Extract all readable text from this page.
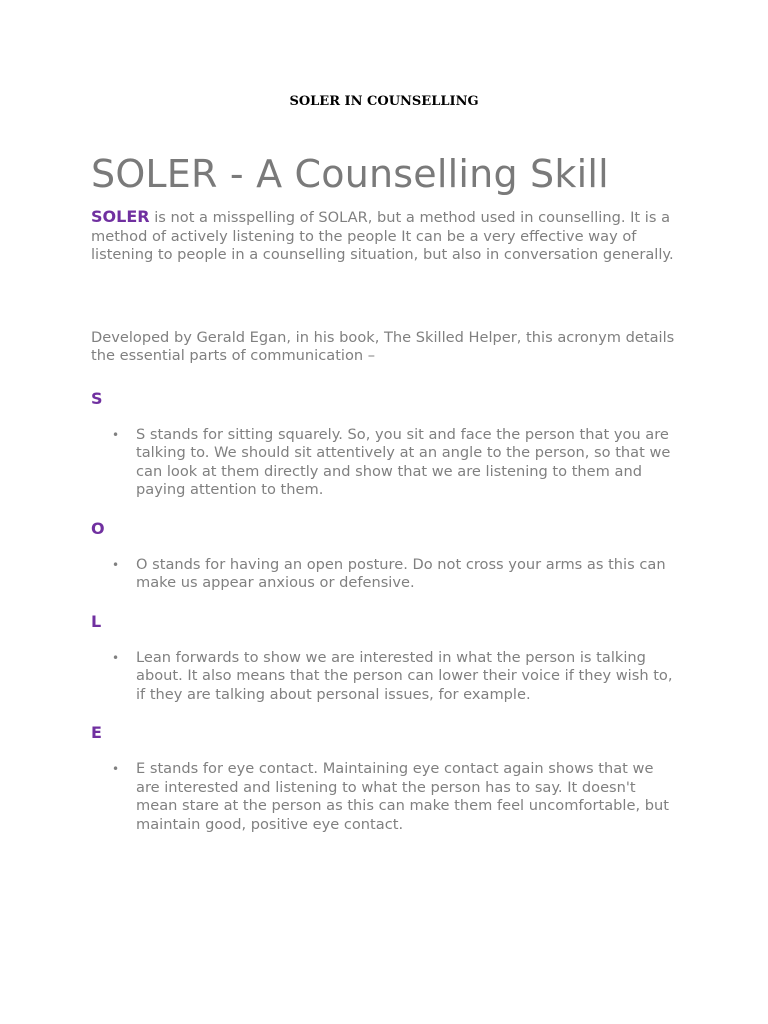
SOLER IN COUNSELLING
SOLER - A Counselling Skill

SOLER is not a misspelling of SOLAR, but a method used in counselling. It is a method of actively listening to the people It can be a very effective way of listening to people in a counselling situation, but also in conversation generally.

Developed by Gerald Egan, in his book, The Skilled Helper, this acronym details the essential parts of communication –

S
• S stands for sitting squarely. So, you sit and face the person that you are talking to. We should sit attentively at an angle to the person, so that we can look at them directly and show that we are listening to them and paying attention to them.
O
• O stands for having an open posture. Do not cross your arms as this can make us appear anxious or defensive.
L
• Lean forwards to show we are interested in what the person is talking about. It also means that the person can lower their voice if they wish to, if they are talking about personal issues, for example.
E
• E stands for eye contact. Maintaining eye contact again shows that we are interested and listening to what the person has to say. It doesn't mean stare at the person as this can make them feel uncomfortable, but maintain good, positive eye contact.
